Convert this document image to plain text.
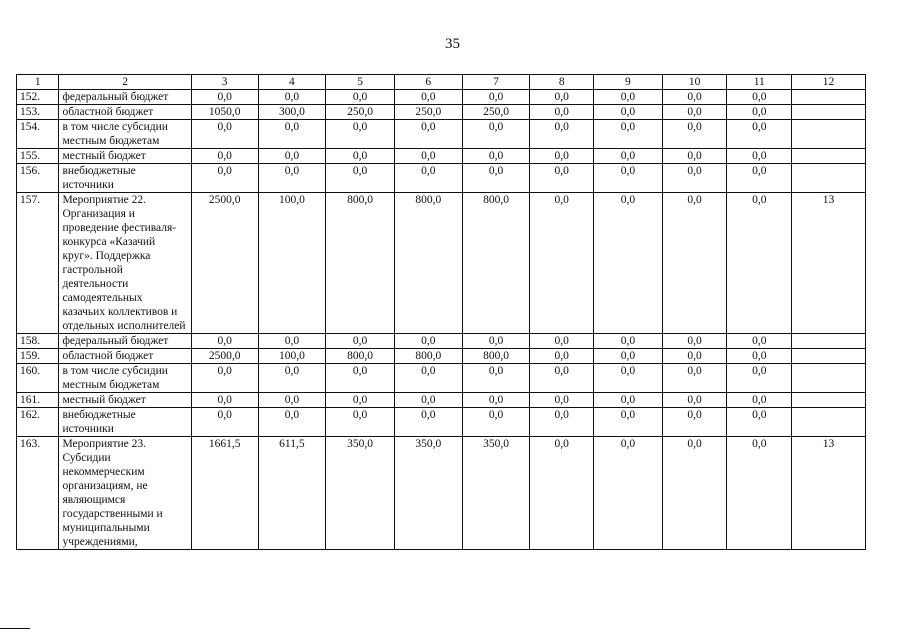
35
1	2	3	4	5	6	7	8	9	10	11	12
152.	федеральный бюджет	0,0	0,0	0,0	0,0	0,0	0,0	0,0	0,0	0,0	
153.	областной бюджет	1050,0	300,0	250,0	250,0	250,0	0,0	0,0	0,0	0,0	
154.	в том числе субсидии местным бюджетам	0,0	0,0	0,0	0,0	0,0	0,0	0,0	0,0	0,0	
155.	местный бюджет	0,0	0,0	0,0	0,0	0,0	0,0	0,0	0,0	0,0	
156.	внебюджетные источники	0,0	0,0	0,0	0,0	0,0	0,0	0,0	0,0	0,0	
157.	Мероприятие 22. Организация и проведение фестиваля-конкурса «Казачий круг». Поддержка гастрольной деятельности самодеятельных казачьих коллективов и отдельных исполнителей	2500,0	100,0	800,0	800,0	800,0	0,0	0,0	0,0	0,0	13
158.	федеральный бюджет	0,0	0,0	0,0	0,0	0,0	0,0	0,0	0,0	0,0	
159.	областной бюджет	2500,0	100,0	800,0	800,0	800,0	0,0	0,0	0,0	0,0	
160.	в том числе субсидии местным бюджетам	0,0	0,0	0,0	0,0	0,0	0,0	0,0	0,0	0,0	
161.	местный бюджет	0,0	0,0	0,0	0,0	0,0	0,0	0,0	0,0	0,0	
162.	внебюджетные источники	0,0	0,0	0,0	0,0	0,0	0,0	0,0	0,0	0,0	
163.	Мероприятие 23. Субсидии некоммерческим организациям, не являющимся государственными и муниципальными учреждениями,	1661,5	611,5	350,0	350,0	350,0	0,0	0,0	0,0	0,0	13
